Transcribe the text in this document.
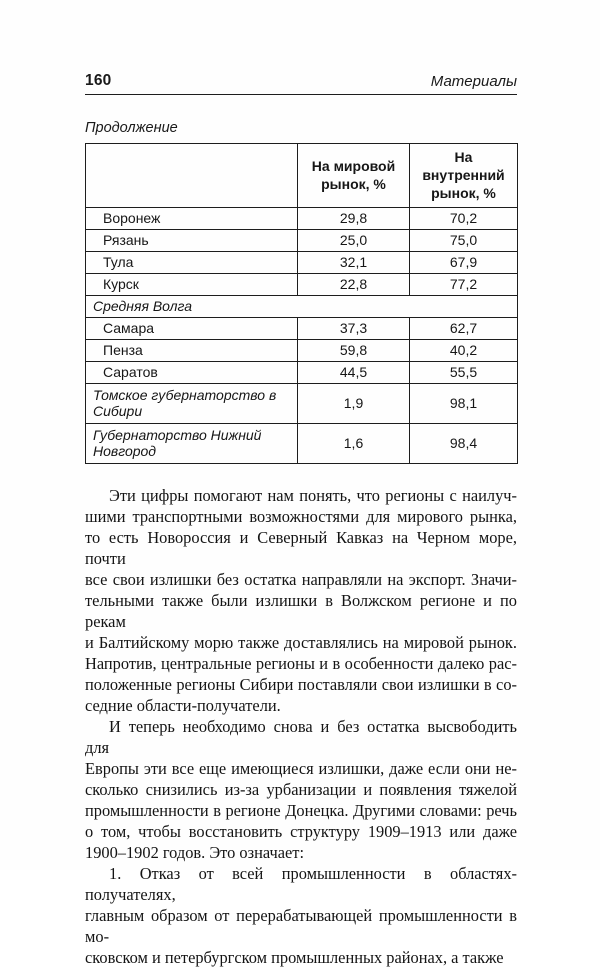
160	Материалы
Продолжение
	На мировой рынок, %	На внутренний рынок, %
Воронеж	29,8	70,2
Рязань	25,0	75,0
Тула	32,1	67,9
Курск	22,8	77,2
Средняя Волга		
Самара	37,3	62,7
Пенза	59,8	40,2
Саратов	44,5	55,5
Томское губернаторство в Сибири	1,9	98,1
Губернаторство Нижний Новгород	1,6	98,4
Эти цифры помогают нам понять, что регионы с наилуч-
шими транспортными возможностями для мирового рынка,
то есть Новороссия и Северный Кавказ на Черном море, почти
все свои излишки без остатка направляли на экспорт. Значи-
тельными также были излишки в Волжском регионе и по рекам
и Балтийскому морю также доставлялись на мировой рынок.
Напротив, центральные регионы и в особенности далеко рас-
положенные регионы Сибири поставляли свои излишки в со-
седние области-получатели.
И теперь необходимо снова и без остатка высвободить для
Европы эти все еще имеющиеся излишки, даже если они не-
сколько снизились из-за урбанизации и появления тяжелой
промышленности в регионе Донецка. Другими словами: речь
о том, чтобы восстановить структуру 1909–1913 или даже
1900–1902 годов. Это означает:
1. Отказ от всей промышленности в областях-получателях,
главным образом от перерабатывающей промышленности в мо-
сковском и петербургском промышленных районах, а также
